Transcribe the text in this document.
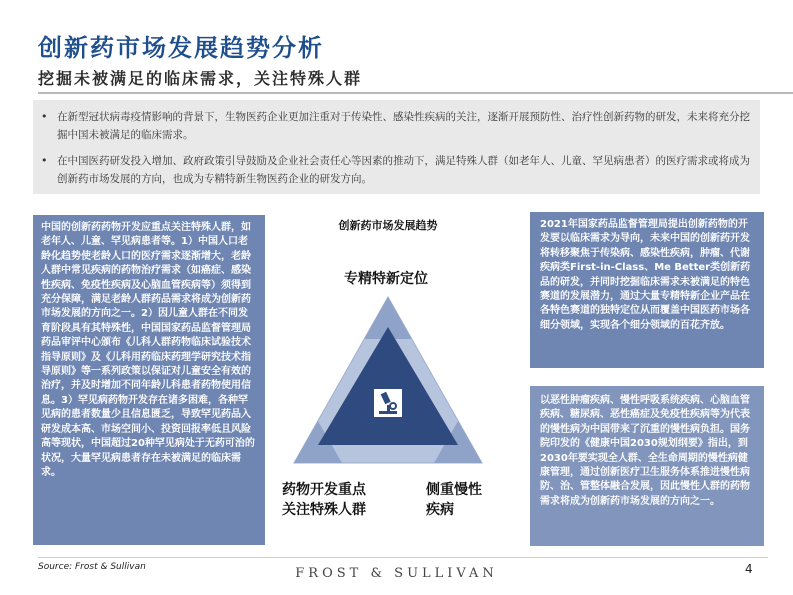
创新药市场发展趋势分析
挖掘未被满足的临床需求，关注特殊人群
• 在新型冠状病毒疫情影响的背景下，生物医药企业更加注重对于传染性、感染性疾病的关注，逐渐开展预防性、治疗性创新药物的研发，未来将充分挖掘中国未被满足的临床需求。
• 在中国医药研发投入增加、政府政策引导鼓励及企业社会责任心等因素的推动下，满足特殊人群（如老年人、儿童、罕见病患者）的医疗需求或将成为创新药市场发展的方向，也成为专精特新生物医药企业的研发方向。
中国的创新药药物开发应重点关注特殊人群，如老年人、儿童、罕见病患者等。1）中国人口老龄化趋势使老龄人口的医疗需求逐渐增大，老龄人群中常见疾病的药物治疗需求（如癌症、感染性疾病、免疫性疾病及心脑血管疾病等）须得到充分保障，满足老龄人群药品需求将成为创新药市场发展的方向之一。2）因儿童人群在不同发育阶段具有其特殊性，中国国家药品监督管理局药品审评中心颁布《儿科人群药物临床试验技术指导原则》及《儿科用药临床药理学研究技术指导原则》等一系列政策以保证对儿童安全有效的治疗，并及时增加不同年龄儿科患者药物使用信息。3）罕见病药物开发存在诸多困难，各种罕见病的患者数量少且信息匮乏，导致罕见药品入研发成本高、市场空间小、投资回报率低且风险高等现状，中国超过20种罕见病处于无药可治的状况，大量罕见病患者存在未被满足的临床需求。
创新药市场发展趋势
专精特新定位
药物开发重点
关注特殊人群
侧重慢性
疾病
2021年国家药品监督管理局提出创新药物的开发要以临床需求为导向，未来中国的创新药开发将转移聚焦于传染病、感染性疾病，肿瘤、代谢疾病类First-in-Class、Me Better类创新药品的研发，并同时挖掘临床需求未被满足的特色赛道的发展潜力，通过大量专精特新企业产品在各特色赛道的独特定位从而覆盖中国医药市场各细分领域，实现各个细分领域的百花齐放。
以恶性肿瘤疾病、慢性呼吸系统疾病、心脑血管疾病、糖尿病、恶性癌症及免疫性疾病等为代表的慢性病为中国带来了沉重的慢性病负担。国务院印发的《健康中国2030规划纲要》指出，到2030年要实现全人群、全生命周期的慢性病健康管理，通过创新医疗卫生服务体系推进慢性病防、治、管整体融合发展，因此慢性人群的药物需求将成为创新药市场发展的方向之一。
Source: Frost & Sullivan	FROST & SULLIVAN	4
